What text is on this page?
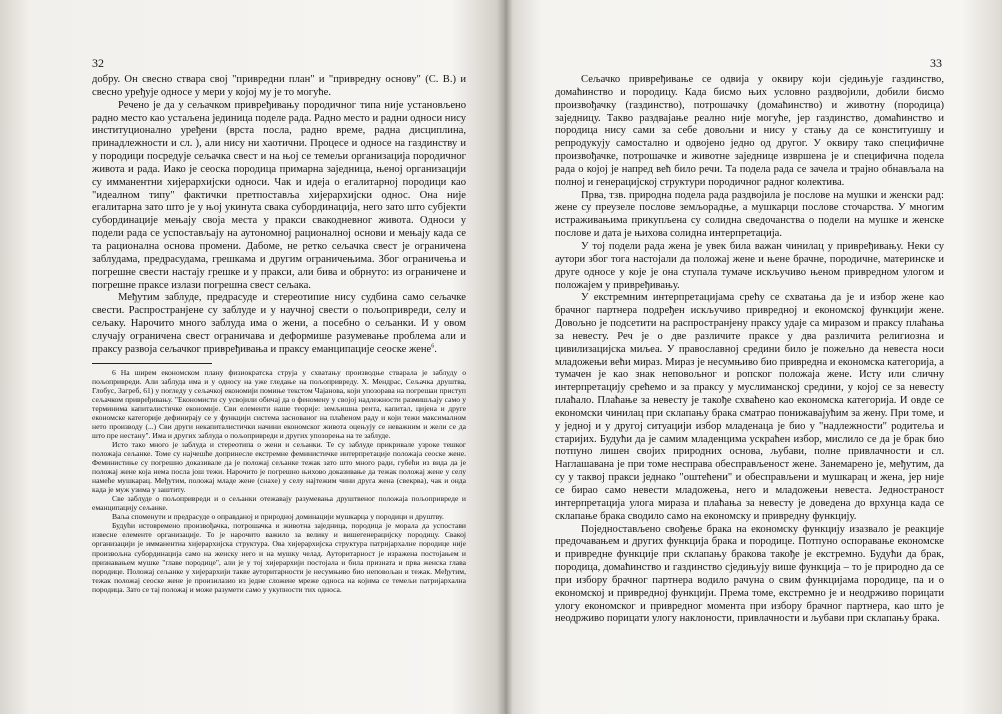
32

добру. Он свесно ствара свој "привредни план" и "привредну основу" (С. В.) и свесно уређује односе у мери у којој му је то могуће.

Речено је да у сељачком привређивању породичног типа није установљено радно место као устаљена јединица поделе рада. Радно место и радни односи нису институционално уређени (врста посла, радно време, радна дисциплина, принадлежности и сл. ), али нису ни хаотични. Процесе и односе на газдинству и у породици посредује сељачка свест и на њој се темељи организација породичног живота и рада. Иако је сеоска породица примарна заједница, њеној организацији су имманентни хијерархијски односи. Чак и идеја о егалитарној породици као "идеалном типу" фактички претпоставља хијерархијски однос. Она није егалитарна зато што је у њој укинута свака субординација, него зато што субјекти субординације мењају своја места у пракси свакодневног живота. Односи у подели рада се успостављају на аутономној рационалној основи и мењају када се та рационална основа промени. Дабоме, не ретко сељачка свест је ограничена заблудама, предрасудама, грешкама и другим ограничењима. Због ограничења и погрешне свести настају грешке и у пракси, али бива и обрнуто: из ограничене и погрешне праксе излази погрешна свест сељака.

Међутим заблуде, предрасуде и стереотипие нису судбина само сељачке свести. Распространјене су заблуде и у научној свести о пољопривреди, селу и сељаку. Нарочито много заблуда има о жени, а посебно о сељанки. И у овом случају ограничена свест ограничава и деформише разумевање проблема али и праксу развоја сељачког привређивања и праксу еманципације сеоске жене$^6$.

6 На ширем економском плану физиократска струја у схватању производње стварала је заблуду о пољопривреди. Али заблуда има и у односу на уже гледање на пољопривреду. Х. Мендрас, Сељачка друштва, Глобус, Загреб, 61) у погледу у сељачкој економији помиње текстом Чајанова, који упозорава на погрешан приступ сељачком привређивању. "Економисти су усвојили обичај да о феномену у својој надлежности размишљају само у терминима капиталистичке економије. Сви елементи наше теорије: земљишна рента, капитал, цијена и друге економске категорије дефинирају се у функцији система заснованог на плаћеном раду и који тежи максималном нето производу (...) Сви други некапиталистички начини економског живота оцењују се неважним и жели се да што пре нестану". Има и других заблуда о пољопривреди и других упозорења на те заблуде.

Исто тако много је заблуда и стереотипа о жени и сељанки. Те су заблуде прикривале узроке тешког положаја сељанке. Томе су најчешће допринесле екстремне феминистичке интерпретације положаја сеоске жене. Феминистиње су погрешно доказивале да је положај сељанке тежак зато што много ради, губећи из вида да је положај жене која нема посла још тежи. Нарочито је погрешно њихово доказивање да тежак положај жене у селу намеће мушкарац. Међутим, положај младе жене (снахе) у селу најтежим чини друга жена (свекрва), чак и онда када је муж узима у заштиту.

Све заблуде о пољопривреди и о сељанки отежавају разумевања друштвеног положаја пољопривреде и еманципацију сељанке.

Ваља споменути и предрасуде о оправданој и природној доминацији мушкарца у породици и друштву.

Будући истовремено произвођачка, потрошачка и животна заједница, породица је морала да успостави извесне елементе организације. То је нарочито важило за велику и вишегенерацијску породицу. Свакој организацији је имманентна хијерархијска структура. Ова хијерархијска структура патријархалне породице није произвољна субординација само на женску него и на мушку челад. Ауторитарност је изражена постојањем и признавањем мушке "главе породице", али је у тој хијерархији постојала и била призната и прва женска глава породице. Положај сељанке у хијерархији такве ауторитарности је несумњиво био неповољан и тежак. Међутим, тежак положај сеоске жене је произилазио из једне сложене мреже односа на којима се темељи патријархална породица. Зато се тај положај и може разумети само у укупности тих односа.

33

Сељачко привређивање се одвија у оквиру који сједињује газдинство, домаћинство и породицу. Када бисмо њих условно раздвојили, добили бисмо произвођачку (газдинство), потрошачку (домаћинство) и животну (породица) заједницу. Такво раздвајање реално није могуће, јер газдинство, домаћинство и породица нису сами за себе довољни и нису у стању да се конституишу и репродукују самостално и одвојено једно од другог. У оквиру тако специфичне произвођачке, потрошачке и животне заједнице извршена је и специфична подела рада о којој је напред већ било речи. Та подела рада се зачела и трајно обнављала на полној и генерацијској структури породичног радног колектива.

Прва, тзв. природна подела рада раздвојила је послове на мушки и женски рад: жене су преузеле послове земљорадње, а мушкарци послове сточарства. У многим истраживањима прикупљена су солидна сведочанства о подели на мушке и женске послове и дата је њихова солидна интерпретација.

У тој подели рада жена је увек била важан чинилац у привређивању. Неки су аутори због тога настојали да положај жене и њене брачне, породичне, материнске и друге односе у које је она ступала тумаче искључиво њеном привредном улогом и положајем у привређивању.

У екстремним интерпретацијама срећу се схватања да је и избор жене као брачног партнера подређен искључиво привредној и економској функцији жене. Довољно је подсетити на распространјену праксу удаје са миразом и праксу плаћања за невесту. Реч је о две различите праксе у два различита религиозна и цивилизацијска миљеа. У православној средини било је пожељно да невеста носи младожењи већи мираз. Мираз је несумњиво био привредна и економска категорија, а тумачен је као знак неповољног и ропског положаја жене. Исту или сличну интерпретацију срећемо и за праксу у муслиманској средини, у којој се за невесту плаћало. Плаћање за невесту је такође схваћено као економска категорија. И овде се економски чинилац при склапању брака сматрао понижавајућим за жену. При томе, и у једној и у другој ситуацији избор младенаца је био у "надлежности" родитеља и старијих. Будући да је самим младенцима ускраћен избор, мислило се да је брак био потпуно лишен својих природних основа, љубави, полне привлачности и сл. Наглашавана је при томе несправа обесправљеност жене. Занемарено је, међутим, да су у таквој пракси једнако "оштећени" и обесправљени и мушкарац и жена, јер није се бирао само невести младожења, него и младожењи невеста. Једностраност интерпретација улога мираза и плаћања за невесту је доведена до врхунца када се склапање брака сводило само на економску и привредну функцију.

Поједностављено свођење брака на економску функцију изазвало је реакције предочавањем и других функција брака и породице. Потпуно оспоравање економске и привредне функције при склапању бракова такође је екстремно. Будући да брак, породица, домаћинство и газдинство сједињују више функција – то је природно да се при избору брачног партнера водило рачуна о свим функцијама породице, па и о економској и привредној функцији. Према томе, екстремно је и неодрживо порицати улогу економског и привредног момента при избору брачног партнера, као што је неодрживо порицати улогу наклоности, привлачности и љубави при склапању брака.
